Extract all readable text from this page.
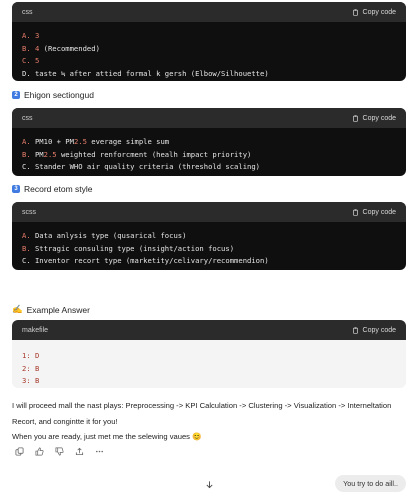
css	Copy code
A. 3
B. 4 (Recommended)
C. 5
D. taste ≒ after attied formal k gersh (Elbow/Silhouette)
2 Ehigon sectiongud
css	Copy code
A. PM10 + PM2.5 everage simple sum
B. PM2.5 weighted renforcment (healh impact priority)
C. Stander WHO air quality criteria (threshold scaling)
3 Record etom style
scss	Copy code
A. Data anlysis type (qusarical focus)
B. Sttragic consuling type (insight/action focus)
C. Inventor recort type (marketity/celivary/recommendion)
✍️ Example Answer
makefile	Copy code
1: D
2: B
3: B

I will proceed mall the nast plays: Preprocessing -> KPI Calculation -> Clustering -> Visualization -> Interneltation Recort, and congintte it for you!

When you are ready, just met me the selewing vaues 😊

You try to do aill..
